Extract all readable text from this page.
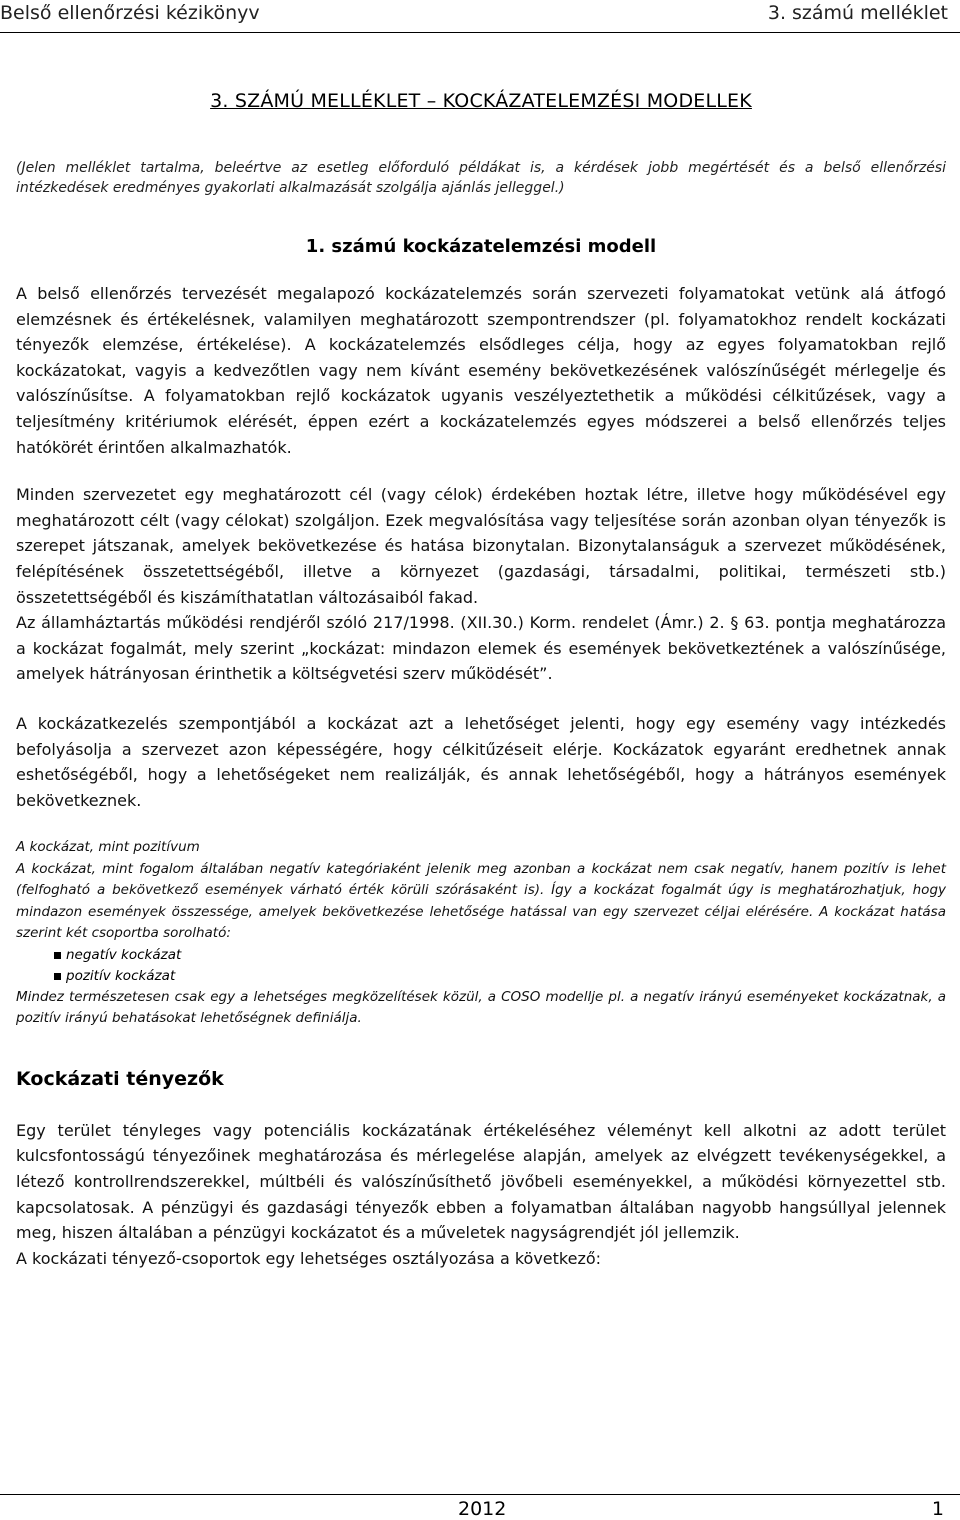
Belső ellenőrzési kézikönyv	3. számú melléklet
3. SZÁMÚ MELLÉKLET – KOCKÁZATELEMZÉSI MODELLEK
(Jelen melléklet tartalma, beleértve az esetleg előforduló példákat is, a kérdések jobb megértését és a belső ellenőrzési intézkedések eredményes gyakorlati alkalmazását szolgálja ajánlás jelleggel.)
1. számú kockázatelemzési modell

A belső ellenőrzés tervezését megalapozó kockázatelemzés során szervezeti folyamatokat vetünk alá átfogó elemzésnek és értékelésnek, valamilyen meghatározott szempontrendszer (pl. folyamatokhoz rendelt kockázati tényezők elemzése, értékelése). A kockázatelemzés elsődleges célja, hogy az egyes folyamatokban rejlő kockázatokat, vagyis a kedvezőtlen vagy nem kívánt esemény bekövetkezésének valószínűségét mérlegelje és valószínűsítse. A folyamatokban rejlő kockázatok ugyanis veszélyeztethetik a működési célkitűzések, vagy a teljesítmény kritériumok elérését, éppen ezért a kockázatelemzés egyes módszerei a belső ellenőrzés teljes hatókörét érintően alkalmazhatók.

Minden szervezetet egy meghatározott cél (vagy célok) érdekében hoztak létre, illetve hogy működésével egy meghatározott célt (vagy célokat) szolgáljon. Ezek megvalósítása vagy teljesítése során azonban olyan tényezők is szerepet játszanak, amelyek bekövetkezése és hatása bizonytalan. Bizonytalanságuk a szervezet működésének, felépítésének összetettségéből, illetve a környezet (gazdasági, társadalmi, politikai, természeti stb.) összetettségéből és kiszámíthatatlan változásaiból fakad.

Az államháztartás működési rendjéről szóló 217/1998. (XII.30.) Korm. rendelet (Ámr.) 2. § 63. pontja meghatározza a kockázat fogalmát, mely szerint „kockázat: mindazon elemek és események bekövetkeztének a valószínűsége, amelyek hátrányosan érinthetik a költségvetési szerv működését”.

A kockázatkezelés szempontjából a kockázat azt a lehetőséget jelenti, hogy egy esemény vagy intézkedés befolyásolja a szervezet azon képességére, hogy célkitűzéseit elérje. Kockázatok egyaránt eredhetnek annak eshetőségéből, hogy a lehetőségeket nem realizálják, és annak lehetőségéből, hogy a hátrányos események bekövetkeznek.

A kockázat, mint pozitívum

A kockázat, mint fogalom általában negatív kategóriaként jelenik meg azonban a kockázat nem csak negatív, hanem pozitív is lehet (felfogható a bekövetkező események várható érték körüli szórásaként is). Így a kockázat fogalmát úgy is meghatározhatjuk, hogy mindazon események összessége, amelyek bekövetkezése lehetősége hatással van egy szervezet céljai elérésére. A kockázat hatása szerint két csoportba sorolható:

negatív kockázat
pozitív kockázat

Mindez természetesen csak egy a lehetséges megközelítések közül, a COSO modellje pl. a negatív irányú eseményeket kockázatnak, a pozitív irányú behatásokat lehetőségnek definiálja.

Kockázati tényezők

Egy terület tényleges vagy potenciális kockázatának értékeléséhez véleményt kell alkotni az adott terület kulcsfontosságú tényezőinek meghatározása és mérlegelése alapján, amelyek az elvégzett tevékenységekkel, a létező kontrollrendszerekkel, múltbéli és valószínűsíthető jövőbeli eseményekkel, a működési környezettel stb. kapcsolatosak. A pénzügyi és gazdasági tényezők ebben a folyamatban általában nagyobb hangsúllyal jelennek meg, hiszen általában a pénzügyi kockázatot és a műveletek nagyságrendjét jól jellemzik.

A kockázati tényező-csoportok egy lehetséges osztályozása a következő:

2012	1
